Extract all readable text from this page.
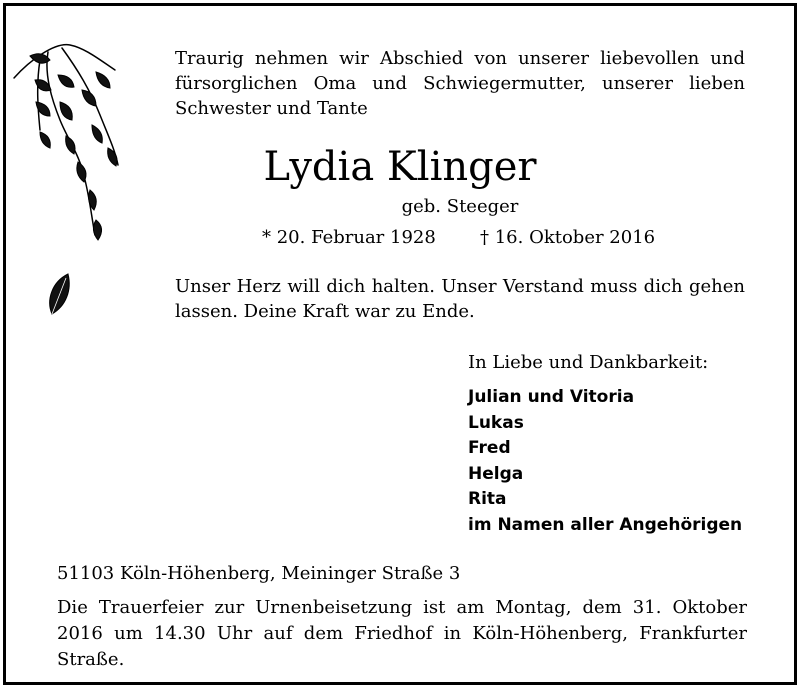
Traurig nehmen wir Abschied von unserer liebevollen und fürsorglichen Oma und Schwiegermutter, unserer lieben Schwester und Tante
Lydia Klinger
geb. Steeger
* 20. Februar 1928 † 16. Oktober 2016
Unser Herz will dich halten. Unser Verstand muss dich gehen lassen. Deine Kraft war zu Ende.
In Liebe und Dankbarkeit:
Julian und Vitoria
Lukas
Fred
Helga
Rita
im Namen aller Angehörigen
51103 Köln-Höhenberg, Meininger Straße 3
Die Trauerfeier zur Urnenbeisetzung ist am Montag, dem 31. Oktober 2016 um 14.30 Uhr auf dem Friedhof in Köln-Höhenberg, Frankfurter Straße.
